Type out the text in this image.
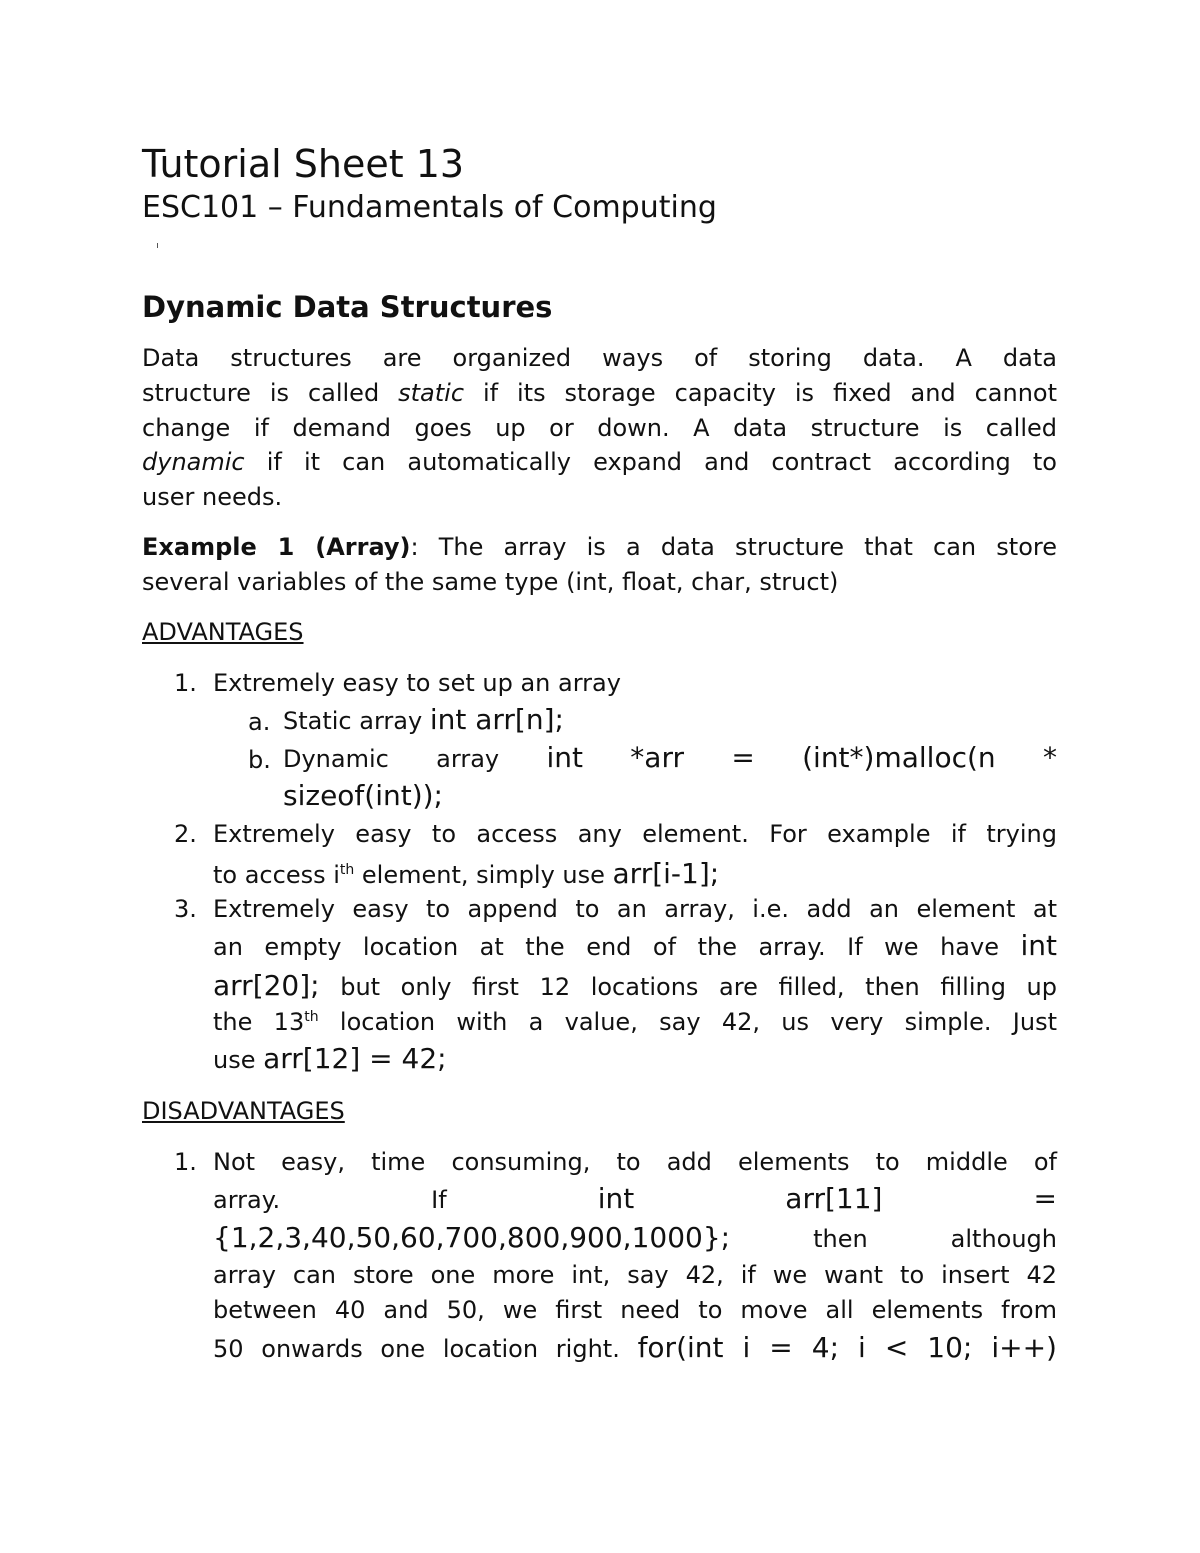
Tutorial Sheet 13
ESC101 – Fundamentals of Computing
Dynamic Data Structures
Data structures are organized ways of storing data. A data
structure is called static if its storage capacity is fixed and cannot
change if demand goes up or down. A data structure is called
dynamic if it can automatically expand and contract according to
user needs.
Example 1 (Array): The array is a data structure that can store
several variables of the same type (int, float, char, struct)
ADVANTAGES
1. Extremely easy to set up an array
a. Static array int arr[n];
b. Dynamic array int *arr = (int*)malloc(n *
sizeof(int));
2. Extremely easy to access any element. For example if trying
to access $i^{th}$ element, simply use arr[i-1];
3. Extremely easy to append to an array, i.e. add an element at
an empty location at the end of the array. If we have int
arr[20]; but only first 12 locations are filled, then filling up
the 13th location with a value, say 42, us very simple. Just
use arr[12] = 42;
DISADVANTAGES
1. Not easy, time consuming, to add elements to middle of
array.	If	int	arr[11]	=
{1,2,3,40,50,60,700,800,900,1000}; then although
array can store one more int, say 42, if we want to insert 42
between 40 and 50, we first need to move all elements from
50 onwards one location right. for(int i = 4; i < 10; i++)
